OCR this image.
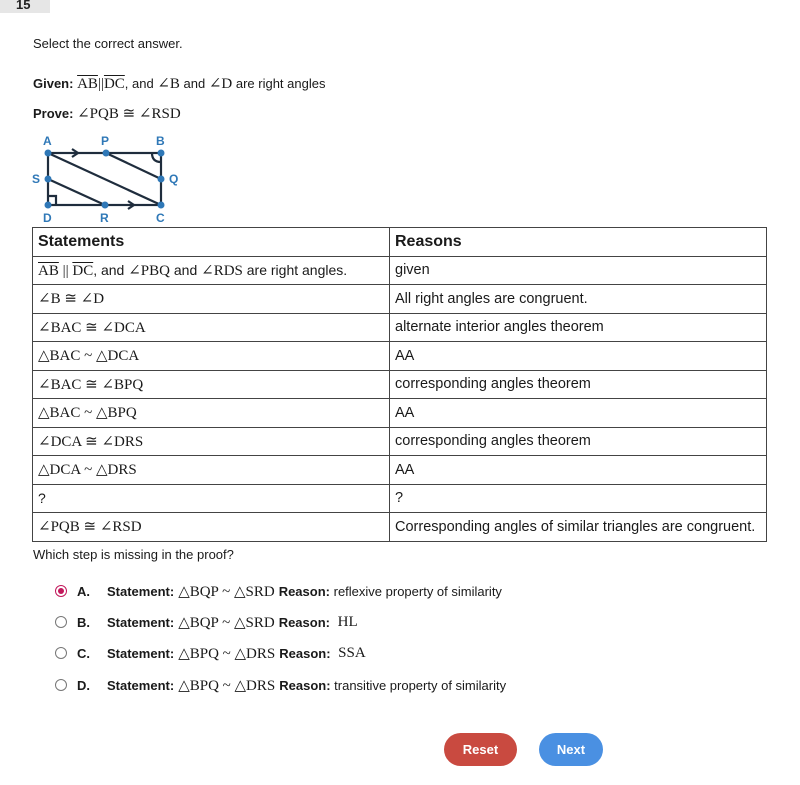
15
Select the correct answer.
Given: $\overline{AB}||\overline{DC}$, and ∠B and ∠D are right angles
Prove: ∠PQB ≅ ∠RSD
A	P	B
S	Q
D	R	C
Statements	Reasons
$\overline{AB}$ || $\overline{DC}$, and ∠PBQ and ∠RDS are right angles.	given
∠B ≅ ∠D	All right angles are congruent.
∠BAC ≅ ∠DCA	alternate interior angles theorem
△BAC ~ △DCA	AA
∠BAC ≅ ∠BPQ	corresponding angles theorem
△BAC ~ △BPQ	AA
∠DCA ≅ ∠DRS	corresponding angles theorem
△DCA ~ △DRS	AA
?	?
∠PQB ≅ ∠RSD	Corresponding angles of similar triangles are congruent.
Which step is missing in the proof?
A.	Statement: △BQP ~ △SRD Reason:
reflexive property of similarity
B.	Statement: △BQP ~ △SRD Reason:
HL
C.	Statement: △BPQ ~ △DRS Reason:
SSA
D.	Statement: △BPQ ~ △DRS Reason:
transitive property of similarity
Reset	Next
